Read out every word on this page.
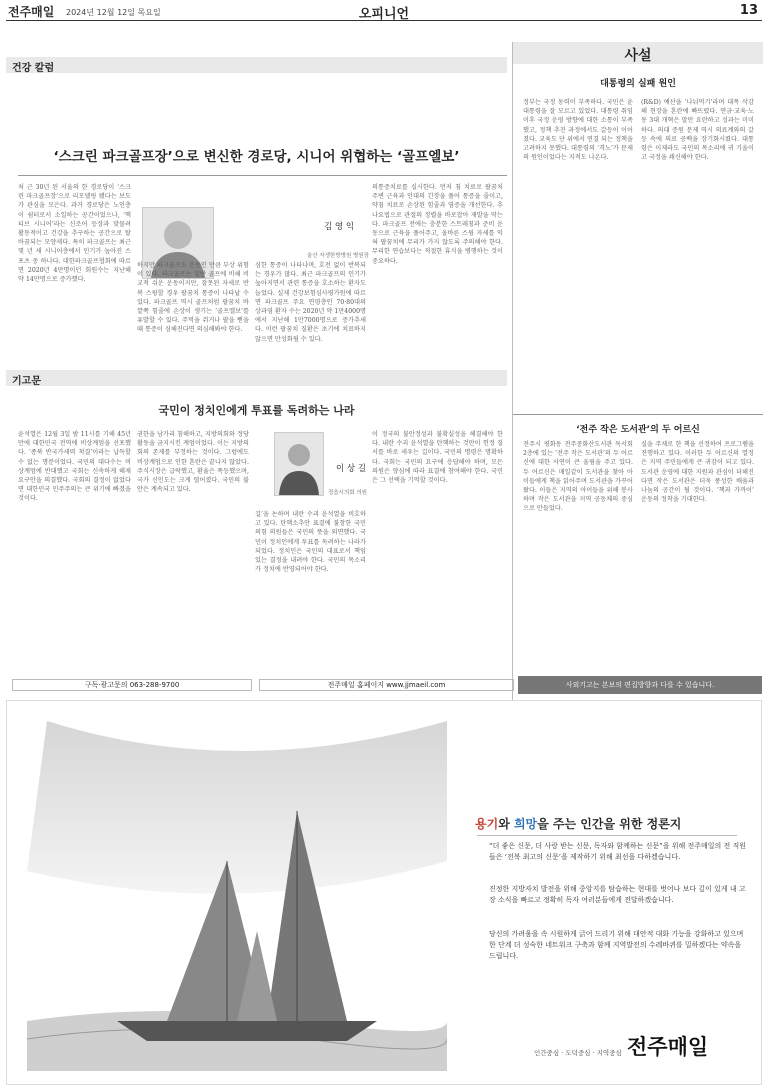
전주매일 2024년 12월 12일 목요일	오피니언	13
건강 칼럼
‘스크린 파크골프장’으로 변신한 경로당, 시니어 위협하는 ‘골프엘보’
처 근 30년 된 서울의 한 경로당이 ‘스크린 파크골프장’으로 리모델링 됐다는 보도가 관심을 모은다. 과거 경로당은 노인층이 쉼터로서 소일하는 공간이었으나, ‘액티브 시니어’라는 신조어 등장과 맞물려 활동적이고 건강을 추구하는 공간으로 탈바꿈되는 모양새다. 특히 파크골프는 최근 몇 년 새 시니어층에서 인기가 높아진 스포츠 중 하나다. 대한파크골프협회에 따르면 2020년 4만명이던 회원수는 지난해 약 14만명으로 증가했다.
김 영 익
울산 자생한방병원 병원장
하지만 파크골프도 운동인 만큼 부상 위험이 있다. 파크골프는 일반 골프에 비해 비교적 쉬운 운동이지만, 잘못된 자세로 반복 스윙할 경우 팔꿈치 통증이 나타날 수 있다. 파크골프 역시 골프처럼 팔꿈치 바깥쪽 힘줄에 손상이 생기는 ‘골프엘보’를 유발할 수 있다. 주먹을 쥐거나 팔을 뻗을 때 통증이 심해진다면 의심해봐야 한다.
심한 통증이 나타나며, 호전 없이 반복되는 경우가 많다. 최근 파크골프의 인기가 높아지면서 관련 통증을 호소하는 환자도 늘었다. 실제 건강보험심사평가원에 따르면 파크골프 주요 연령층인 70·80대의 상과염 환자 수는 2020년 약 1만4000명에서 지난해 1만7000명으로 증가추세다. 이런 팔꿈치 질환은 초기에 치료하지 않으면 만성화될 수 있다.
의통증치료를 실시한다. 먼저 침 치료로 팔꿈치 주변 근육과 인대의 긴장을 풀어 통증을 줄이고, 약침 치료로 손상된 힘줄과 염증을 개선한다. 추나요법으로 관절의 정렬을 바로잡아 재발을 막는다. 파크골프 전에는 충분한 스트레칭과 준비 운동으로 근육을 풀어주고, 올바른 스윙 자세를 익혀 팔꿈치에 무리가 가지 않도록 주의해야 한다. 무리한 연습보다는 적절한 휴식을 병행하는 것이 중요하다.
사설
대통령의 실패 원인
정부는 국정 동력이 부족하다. 국민은 윤 대통령을 잘 모르고 있었다. 대통령 취임 이후 국정 운영 방향에 대한 소통이 부족했고, 정책 추진 과정에서도 갈등이 이어졌다. 교육도 단 위에서 연결 되는 정책을 고려하지 못했다. 대통령의 ‘격노’가 문제의 원인이었다는 지적도 나온다.
(R&D) 예산을 ‘나눠먹기’라며 대폭 삭감해 현장을 혼란에 빠뜨렸다. 연금·교육·노동 3대 개혁은 말만 요란하고 성과는 미미하다. 의대 증원 문제 역시 의료계와의 갈등 속에 의료 공백을 장기화시켰다. 대통령은 이제라도 국민의 목소리에 귀 기울이고 국정을 쇄신해야 한다.
‘전주 작은 도서관’의 두 어르신
전주시 평화동 전주중화산도서관 독서회 2층에 있는 ‘전주 작은 도서관’의 두 어르신에 대한 사연이 큰 울림을 주고 있다. 두 어르신은 매일같이 도서관을 찾아 아이들에게 책을 읽어주며 도서관을 가꾸어 왔다. 이들은 지역의 아이들을 위해 봉사하며 작은 도서관을 지역 공동체의 중심으로 만들었다.
실을 주제로 한 책을 선정하여 프로그램을 진행하고 있다. 이러한 두 어르신의 열정은 지역 주민들에게 큰 귀감이 되고 있다. 도서관 운영에 대한 지원과 관심이 더해진다면 작은 도서관은 더욱 풍성한 배움과 나눔의 공간이 될 것이다. ‘책과 가까이’ 운동의 정착을 기대한다.
기고문
국민이 정치인에게 투표를 독려하는 나라
윤석열은 12월 3일 밤 11시를 기해 45년 만에 대한민국 전역에 비상계엄을 선포했다. ‘종북 반국가세력 척결’이라는 납득할 수 없는 명분이었다. 국민의 대다수는 비상계엄에 반대했고 국회는 신속하게 해제 요구안을 의결했다. 국회의 결정이 없었다면 대한민국 민주주의는 큰 위기에 빠졌을 것이다.
이 상 길
정읍시의회 의원
권한을 남가리 침해하고, 지방의회와 정당 활동을 금지시킨 계엄이었다. 이는 지방의회의 존재를 부정하는 것이다. 그럼에도 비상계엄으로 인한 혼란은 끝나지 않았다. 주식시장은 급락했고, 환율은 폭등했으며, 국가 신인도는 크게 떨어졌다. 국민의 불안은 계속되고 있다.
길’을 논하며 내란 수괴 윤석열을 비호하고 있다. 탄핵소추안 표결에 불참한 국민의힘 의원들은 국민의 뜻을 외면했다. 국민이 정치인에게 투표를 독려하는 나라가 되었다. 정치인은 국민의 대표로서 책임 있는 결정을 내려야 한다. 국민의 목소리가 정치에 반영되어야 한다.
이 정국의 불안정성과 불확실성을 해결해야 한다. 내란 수괴 윤석열을 탄핵하는 것만이 헌정 질서를 바로 세우는 길이다. 국민의 명령은 명확하다. 국회는 국민의 요구에 응답해야 하며, 모든 의원은 양심에 따라 표결에 참여해야 한다. 국민은 그 선택을 기억할 것이다.
구독·광고문의 063-288-9700	전주매일 홈페이지 www.jjmaeil.com	사외기고는 본보의 편집방향과 다를 수 있습니다.
용기와 희망을 주는 인간을 위한 정론지
“더 좋은 신문, 더 사랑 받는 신문, 독자와 함께하는 신문”을 위해 전주매일의 전 직원들은 ‘전북 최고의 신문’을 제작하기 위해 최선을 다하겠습니다.
진정한 지방자치 발전을 위해 중앙지를 탐습하는 현대를 벗어나 보다 깊이 있게 내 고장 소식을 빠르고 정확히 독자 여러분들에게 전달하겠습니다.
당신의 가려움을 속 시원하게 긁어 드리기 위해 대안적 대화 기능을 강화하고 있으며 한 단계 더 성숙한 네트워크 구축과 함께 지역발전의 수레바퀴를 밀하겠다는 약속을 드립니다.
인간중심 · 도덕중심 · 지역중심 전주매일
